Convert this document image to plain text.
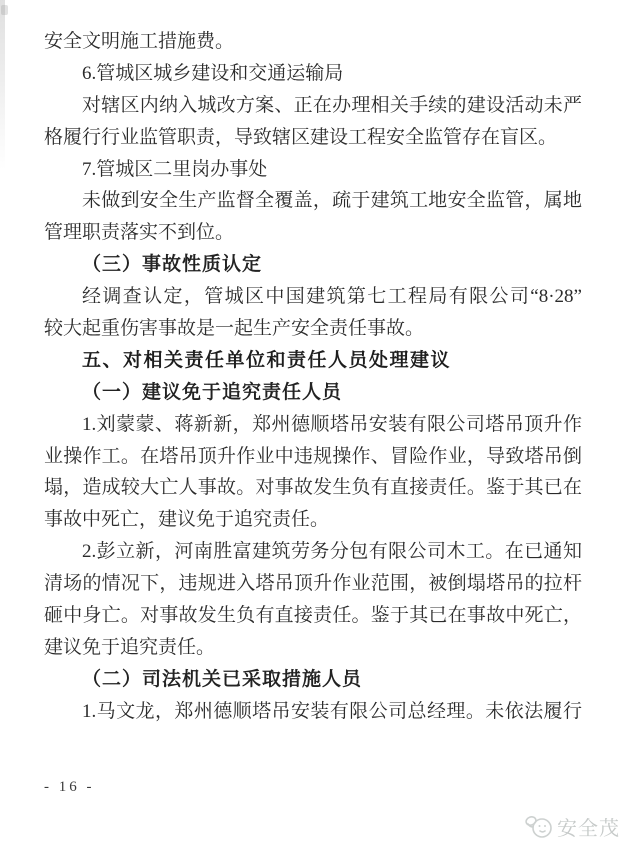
安全文明施工措施费。
6.管城区城乡建设和交通运输局
对辖区内纳入城改方案、正在办理相关手续的建设活动未严
格履行行业监管职责，导致辖区建设工程安全监管存在盲区。
7.管城区二里岗办事处
未做到安全生产监督全覆盖，疏于建筑工地安全监管，属地
管理职责落实不到位。
（三）事故性质认定
经调查认定，管城区中国建筑第七工程局有限公司“8·28”
较大起重伤害事故是一起生产安全责任事故。
五、对相关责任单位和责任人员处理建议
（一）建议免于追究责任人员
1.刘蒙蒙、蒋新新，郑州德顺塔吊安装有限公司塔吊顶升作
业操作工。在塔吊顶升作业中违规操作、冒险作业，导致塔吊倒
塌，造成较大亡人事故。对事故发生负有直接责任。鉴于其已在
事故中死亡，建议免于追究责任。
2.彭立新，河南胜富建筑劳务分包有限公司木工。在已通知
清场的情况下，违规进入塔吊顶升作业范围，被倒塌塔吊的拉杆
砸中身亡。对事故发生负有直接责任。鉴于其已在事故中死亡，
建议免于追究责任。
（二）司法机关已采取措施人员
1.马文龙，郑州德顺塔吊安装有限公司总经理。未依法履行
- 16 -
安全茂
